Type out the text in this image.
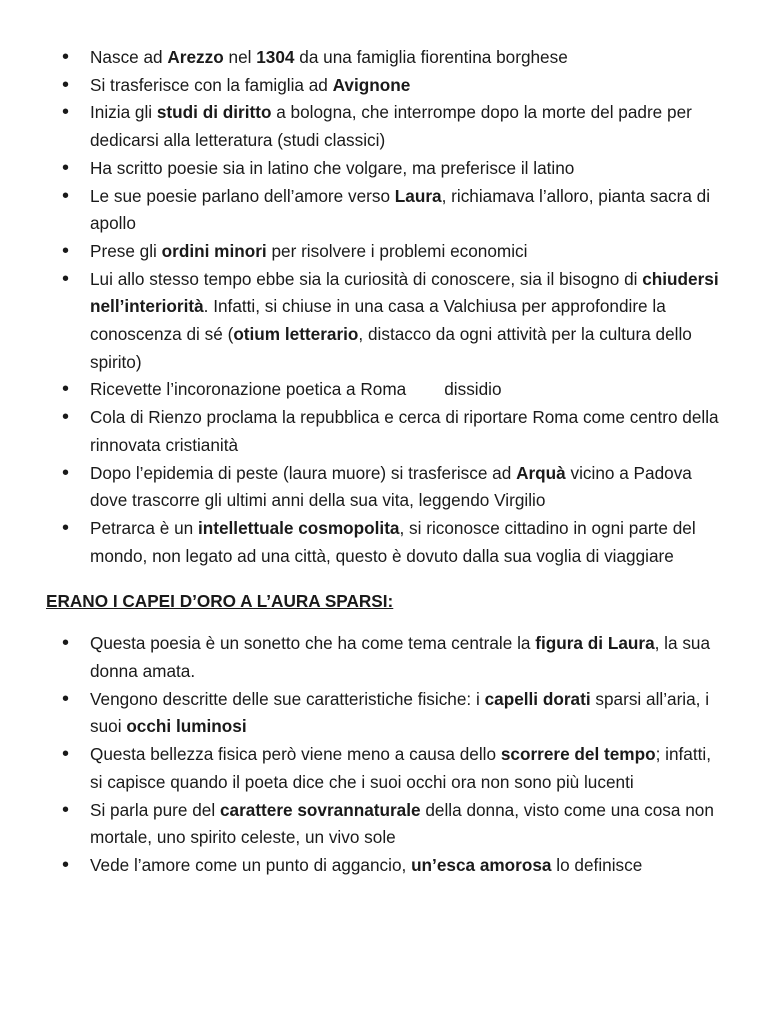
• Nasce ad Arezzo nel 1304 da una famiglia fiorentina borghese
• Si trasferisce con la famiglia ad Avignone
• Inizia gli studi di diritto a bologna, che interrompe dopo la morte del padre per dedicarsi alla letteratura (studi classici)
• Ha scritto poesie sia in latino che volgare, ma preferisce il latino
• Le sue poesie parlano dell’amore verso Laura, richiamava l’alloro, pianta sacra di apollo
• Prese gli ordini minori per risolvere i problemi economici
• Lui allo stesso tempo ebbe sia la curiosità di conoscere, sia il bisogno di chiudersi nell’interiorità. Infatti, si chiuse in una casa a Valchiusa per approfondire la conoscenza di sé (otium letterario, distacco da ogni attività per la cultura dello spirito)
• Ricevette l’incoronazione poetica a Roma dissidio
• Cola di Rienzo proclama la repubblica e cerca di riportare Roma come centro della rinnovata cristianità
• Dopo l’epidemia di peste (laura muore) si trasferisce ad Arquà vicino a Padova dove trascorre gli ultimi anni della sua vita, leggendo Virgilio
• Petrarca è un intellettuale cosmopolita, si riconosce cittadino in ogni parte del mondo, non legato ad una città, questo è dovuto dalla sua voglia di viaggiare
ERANO I CAPEI D’ORO A L’AURA SPARSI:
• Questa poesia è un sonetto che ha come tema centrale la figura di Laura, la sua donna amata.
• Vengono descritte delle sue caratteristiche fisiche: i capelli dorati sparsi all’aria, i suoi occhi luminosi
• Questa bellezza fisica però viene meno a causa dello scorrere del tempo; infatti, si capisce quando il poeta dice che i suoi occhi ora non sono più lucenti
• Si parla pure del carattere sovrannaturale della donna, visto come una cosa non mortale, uno spirito celeste, un vivo sole
• Vede l’amore come un punto di aggancio, un’esca amorosa lo definisce
